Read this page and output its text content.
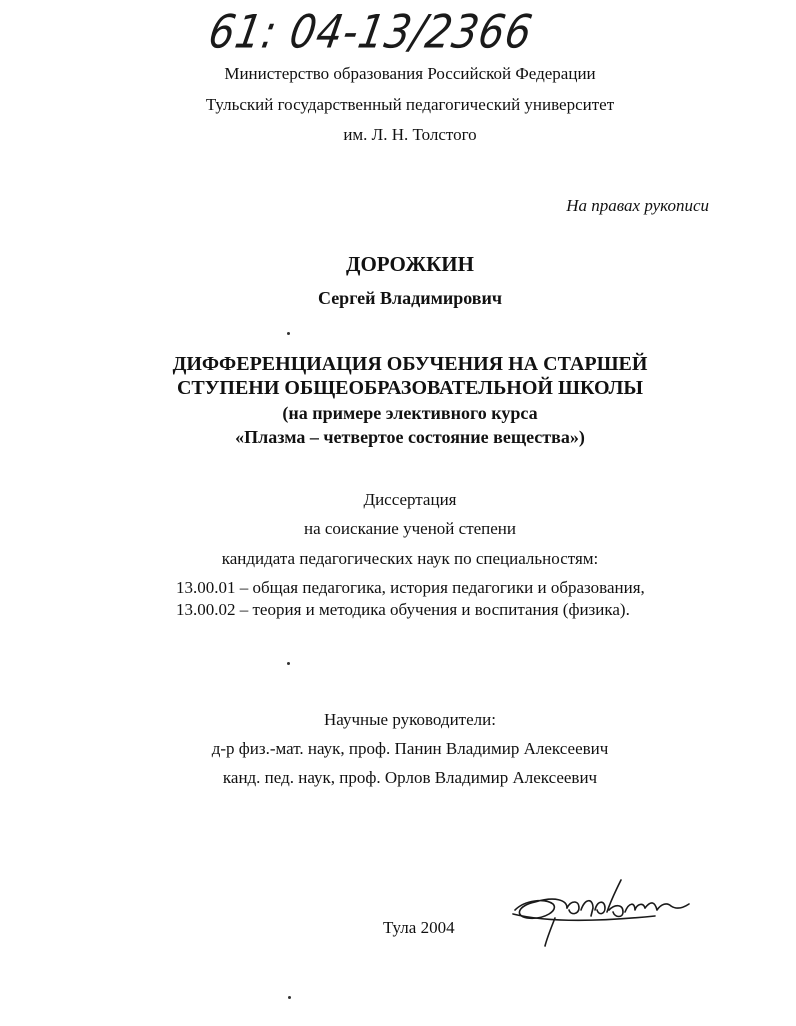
61: 04-13/2366
Министерство образования Российской Федерации
Тульский государственный педагогический университет
им. Л. Н. Толстого
На правах рукописи
ДОРОЖКИН
Сергей Владимирович
ДИФФЕРЕНЦИАЦИЯ ОБУЧЕНИЯ НА СТАРШЕЙ
СТУПЕНИ ОБЩЕОБРАЗОВАТЕЛЬНОЙ ШКОЛЫ
(на примере элективного курса
«Плазма – четвертое состояние вещества»)
Диссертация
на соискание ученой степени
кандидата педагогических наук по специальностям:
13.00.01 – общая педагогика, история педагогики и образования,
13.00.02 – теория и методика обучения и воспитания (физика).
Научные руководители:
д-р физ.-мат. наук, проф. Панин Владимир Алексеевич
канд. пед. наук, проф. Орлов Владимир Алексеевич
Тула 2004
